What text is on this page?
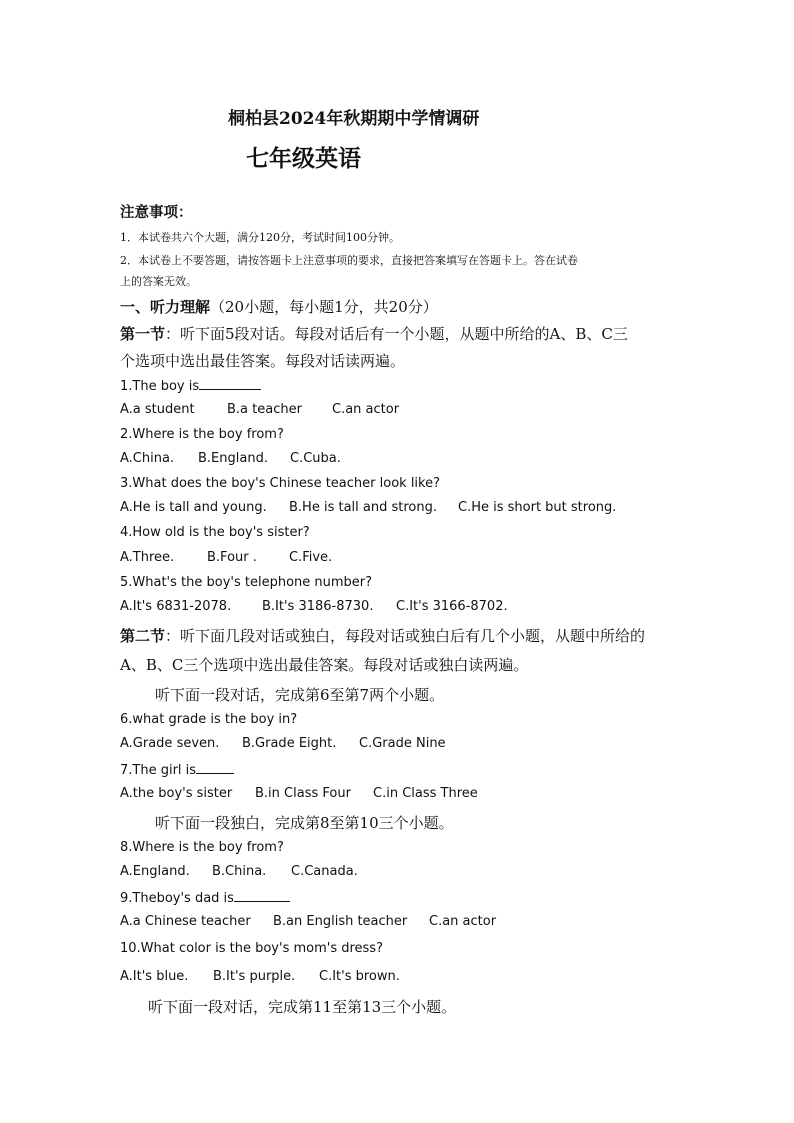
桐柏县2024年秋期期中学情调研
七年级英语
注意事项：
1．本试卷共六个大题，满分120分，考试时间100分钟。
2．本试卷上不要答题，请按答题卡上注意事项的要求，直接把答案填写在答题卡上。答在试卷
上的答案无效。
一、听力理解（20小题，每小题1分，共20分）
第一节：听下面5段对话。每段对话后有一个小题，从题中所给的A、B、C三
个选项中选出最佳答案。每段对话读两遍。
1.The boy is
A.a student B.a teacher C.an actor
2.Where is the boy from?
A.China. B.England. C.Cuba.
3.What does the boy's Chinese teacher look like?
A.He is tall and young. B.He is tall and strong. C.He is short but strong.
4.How old is the boy's sister?
A.Three.	B.Four . C.Five.
5.What's the boy's telephone number?
A.It's 6831-2078. B.It's 3186-8730. C.It's 3166-8702.
第二节：听下面几段对话或独白，每段对话或独白后有几个小题，从题中所给的
A、B、C三个选项中选出最佳答案。每段对话或独白读两遍。
听下面一段对话，完成第6至第7两个小题。
6.what grade is the boy in?
A.Grade seven. B.Grade Eight. C.Grade Nine
7.The girl is
A.the boy's sister B.in Class Four C.in Class Three
听下面一段独白，完成第8至第10三个小题。
8.Where is the boy from?
A.England. B.China. C.Canada.
9.Theboy's dad is
A.a Chinese teacher B.an English teacher C.an actor
10.What color is the boy's mom's dress?
A.It's blue. B.It's purple. C.It's brown.
听下面一段对话，完成第11至第13三个小题。
